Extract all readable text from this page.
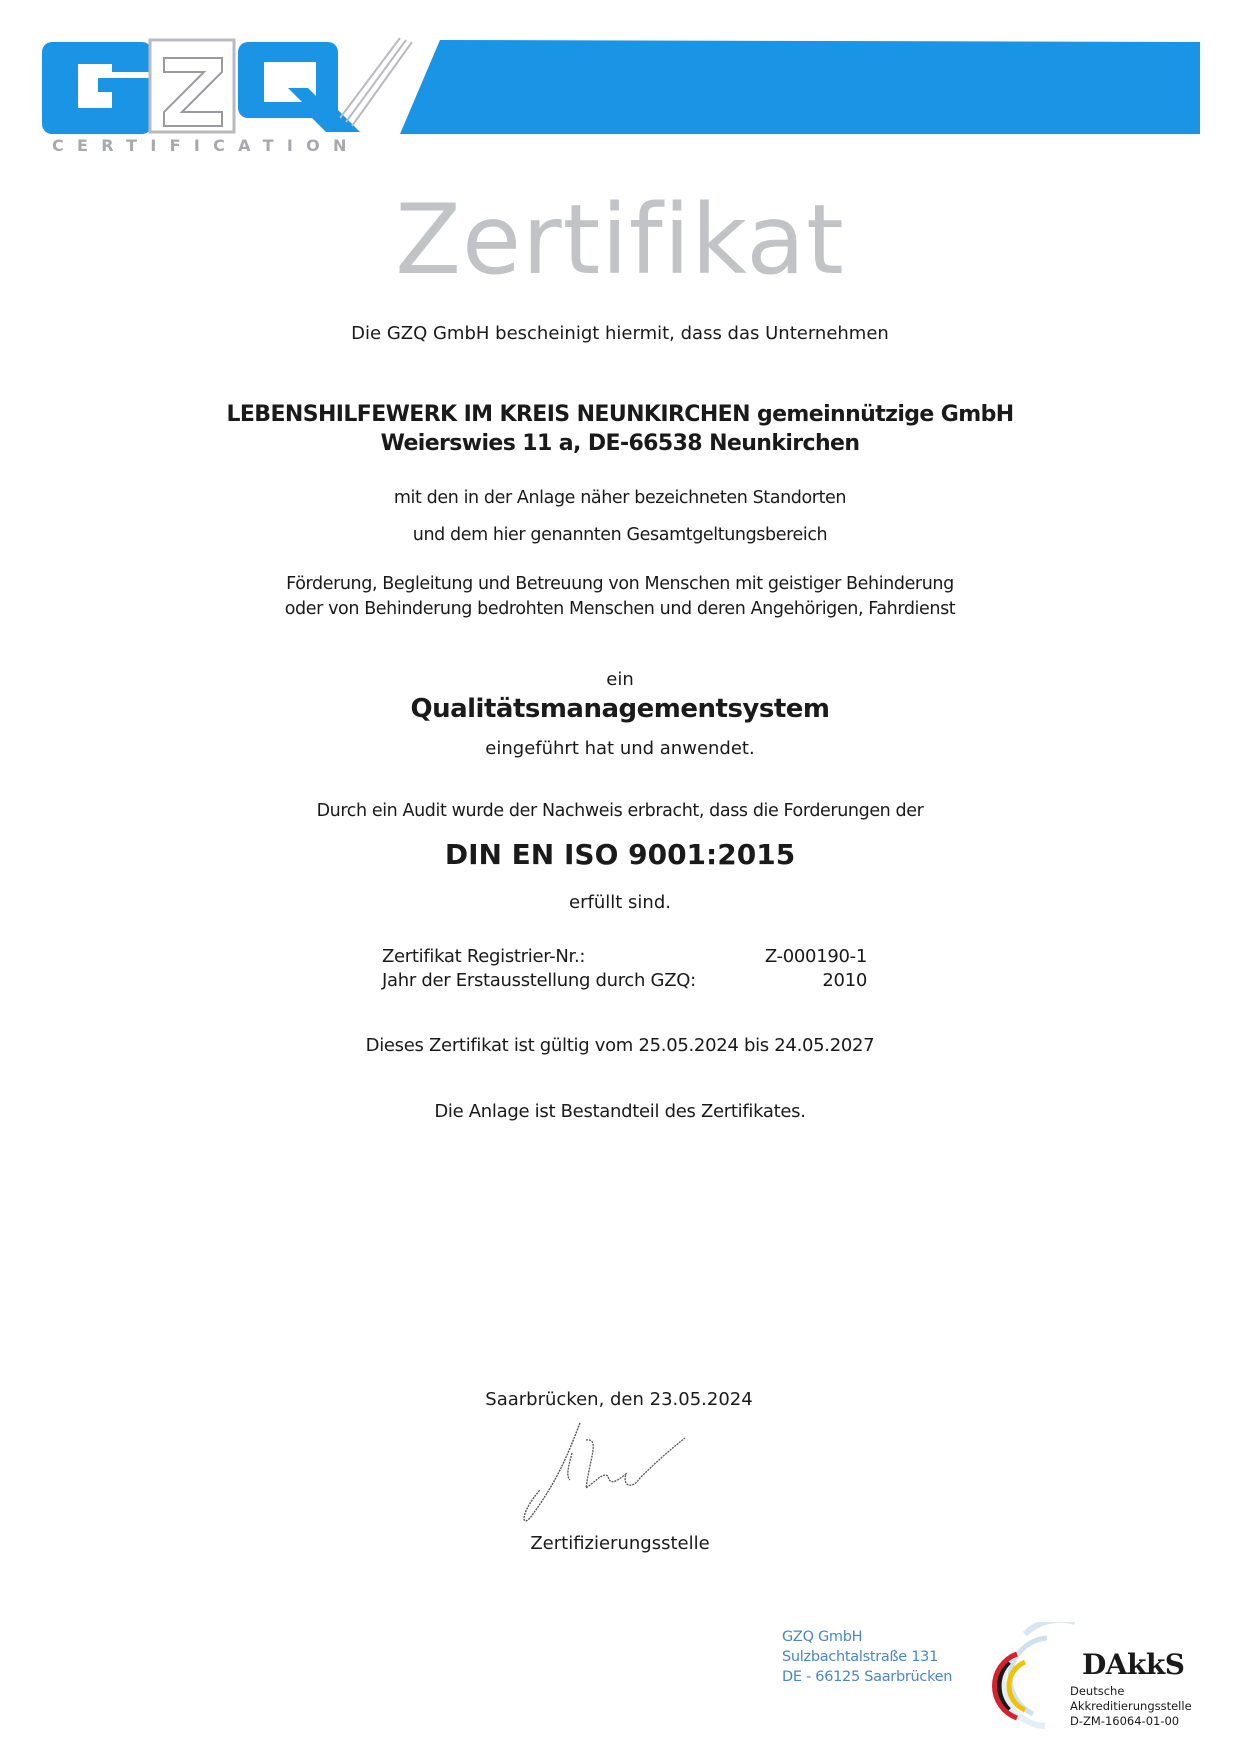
CERTIFICATION
Zertifikat
Die GZQ GmbH bescheinigt hiermit, dass das Unternehmen
LEBENSHILFEWERK IM KREIS NEUNKIRCHEN gemeinnützige GmbH
Weierswies 11 a, DE-66538 Neunkirchen
mit den in der Anlage näher bezeichneten Standorten
und dem hier genannten Gesamtgeltungsbereich
Förderung, Begleitung und Betreuung von Menschen mit geistiger Behinderung
oder von Behinderung bedrohten Menschen und deren Angehörigen, Fahrdienst
ein
Qualitätsmanagementsystem
eingeführt hat und anwendet.
Durch ein Audit wurde der Nachweis erbracht, dass die Forderungen der
DIN EN ISO 9001:2015
erfüllt sind.
Zertifikat Registrier-Nr.:	Z-000190-1
Jahr der Erstausstellung durch GZQ:	2010
Dieses Zertifikat ist gültig vom 25.05.2024 bis 24.05.2027
Die Anlage ist Bestandteil des Zertifikates.
Saarbrücken, den 23.05.2024
Zertifizierungsstelle
GZQ GmbH
Sulzbachtalstraße 131
DE - 66125 Saarbrücken	DAkkS
Deutsche
Akkreditierungsstelle
D-ZM-16064-01-00
